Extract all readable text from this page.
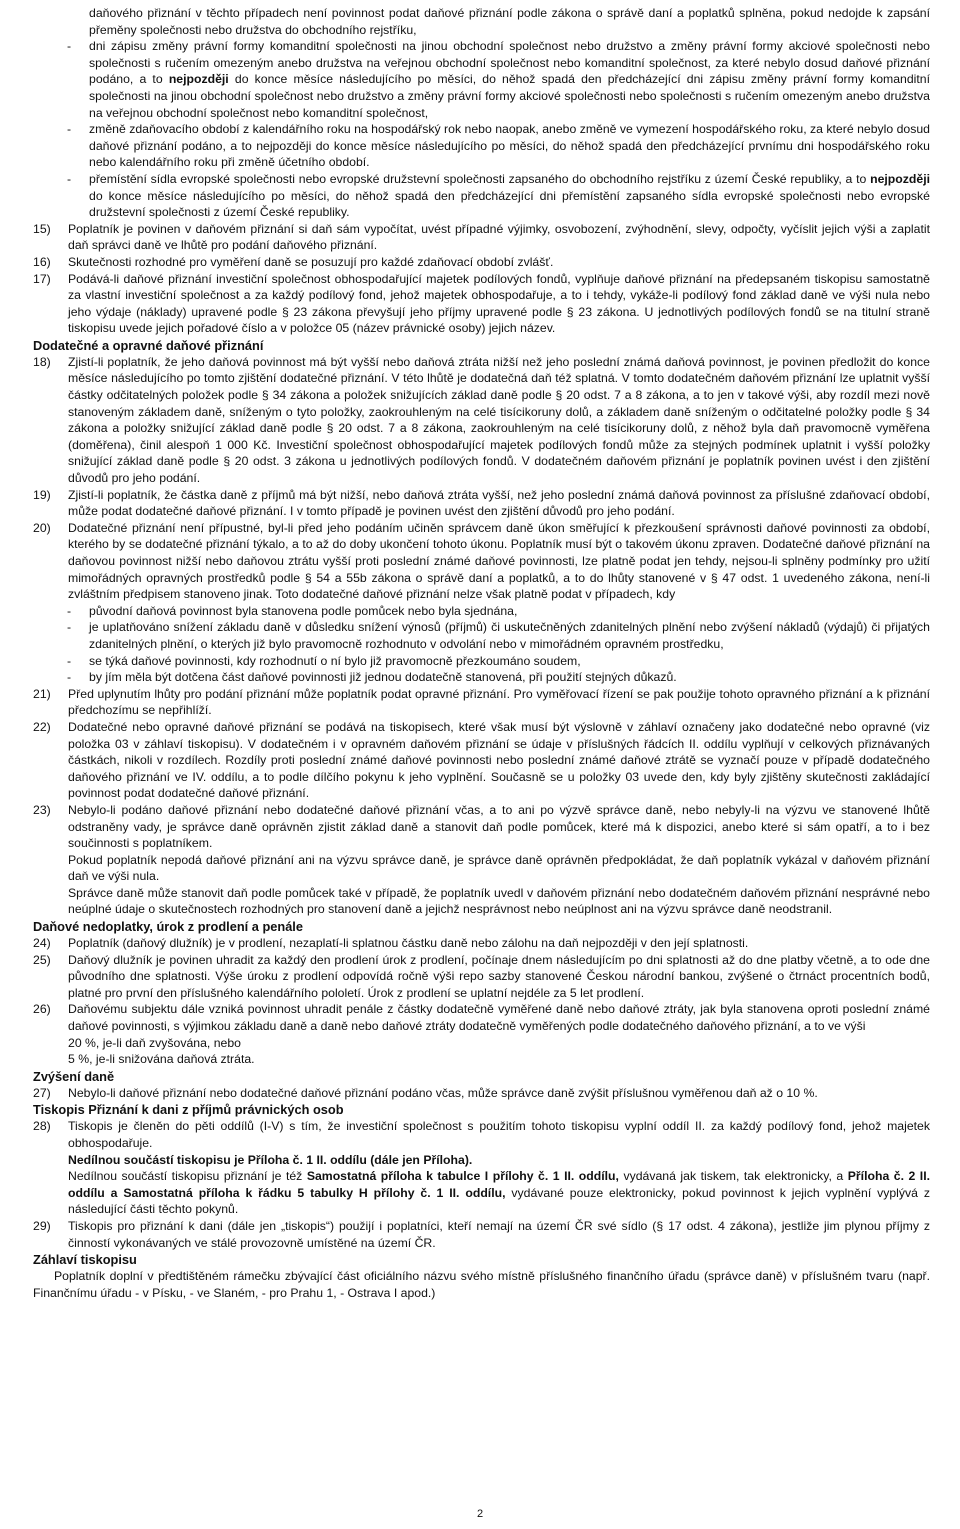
daňového přiznání v těchto případech není povinnost podat daňové přiznání podle zákona o správě daní a poplatků splněna, pokud nedojde k zapsání přeměny společnosti nebo družstva do obchodního rejstříku,

- dni zápisu změny právní formy komanditní společnosti na jinou obchodní společnost nebo družstvo a změny právní formy akciové společnosti nebo společnosti s ručením omezeným anebo družstva na veřejnou obchodní společnost nebo komanditní společnost, za které nebylo dosud daňové přiznání podáno, a to nejpozději do konce měsíce následujícího po měsíci, do něhož spadá den předcházející dni zápisu změny právní formy komanditní společnosti na jinou obchodní společnost nebo družstvo a změny právní formy akciové společnosti nebo společnosti s ručením omezeným anebo družstva na veřejnou obchodní společnost nebo komanditní společnost,

- změně zdaňovacího období z kalendářního roku na hospodářský rok nebo naopak, anebo změně ve vymezení hospodářského roku, za které nebylo dosud daňové přiznání podáno, a to nejpozději do konce měsíce následujícího po měsíci, do něhož spadá den předcházející prvnímu dni hospodářského roku nebo kalendářního roku při změně účetního období.

- přemístění sídla evropské společnosti nebo evropské družstevní společnosti zapsaného do obchodního rejstříku z území České republiky, a to nejpozději do konce měsíce následujícího po měsíci, do něhož spadá den předcházející dni přemístění zapsaného sídla evropské společnosti nebo evropské družstevní společnosti z území České republiky.

15) Poplatník je povinen v daňovém přiznání si daň sám vypočítat, uvést případné výjimky, osvobození, zvýhodnění, slevy, odpočty, vyčíslit jejich výši a zaplatit daň správci daně ve lhůtě pro podání daňového přiznání.

16) Skutečnosti rozhodné pro vyměření daně se posuzují pro každé zdaňovací období zvlášť.

17) Podává-li daňové přiznání investiční společnost obhospodařující majetek podílových fondů, vyplňuje daňové přiznání na předepsaném tiskopisu samostatně za vlastní investiční společnost a za každý podílový fond, jehož majetek obhospodařuje, a to i tehdy, vykáže-li podílový fond základ daně ve výši nula nebo jeho výdaje (náklady) upravené podle § 23 zákona převyšují jeho příjmy upravené podle § 23 zákona. U jednotlivých podílových fondů se na titulní straně tiskopisu uvede jejich pořadové číslo a v položce 05 (název právnické osoby) jejich název.

Dodatečné a opravné daňové přiznání

18) Zjistí-li poplatník, že jeho daňová povinnost má být vyšší nebo daňová ztráta nižší než jeho poslední známá daňová povinnost, je povinen předložit do konce měsíce následujícího po tomto zjištění dodatečné přiznání. V této lhůtě je dodatečná daň též splatná. V tomto dodatečném daňovém přiznání lze uplatnit vyšší částky odčitatelných položek podle § 34 zákona a položek snižujících základ daně podle § 20 odst. 7 a 8 zákona, a to jen v takové výši, aby rozdíl mezi nově stanoveným základem daně, sníženým o tyto položky, zaokrouhleným na celé tisícikoruny dolů, a základem daně sníženým o odčitatelné položky podle § 34 zákona a položky snižující základ daně podle § 20 odst. 7 a 8 zákona, zaokrouhleným na celé tisícikoruny dolů, z něhož byla daň pravomocně vyměřena (doměřena), činil alespoň 1 000 Kč. Investiční společnost obhospodařující majetek podílových fondů může za stejných podmínek uplatnit i vyšší položky snižující základ daně podle § 20 odst. 3 zákona u jednotlivých podílových fondů. V dodatečném daňovém přiznání je poplatník povinen uvést i den zjištění důvodů pro jeho podání.

19) Zjistí-li poplatník, že částka daně z příjmů má být nižší, nebo daňová ztráta vyšší, než jeho poslední známá daňová povinnost za příslušné zdaňovací období, může podat dodatečné daňové přiznání. I v tomto případě je povinen uvést den zjištění důvodů pro jeho podání.

20) Dodatečné přiznání není přípustné, byl-li před jeho podáním učiněn správcem daně úkon směřující k přezkoušení správnosti daňové povinnosti za období, kterého by se dodatečné přiznání týkalo, a to až do doby ukončení tohoto úkonu. Poplatník musí být o takovém úkonu zpraven. Dodatečné daňové přiznání na daňovou povinnost nižší nebo daňovou ztrátu vyšší proti poslední známé daňové povinnosti, lze platně podat jen tehdy, nejsou-li splněny podmínky pro užití mimořádných opravných prostředků podle § 54 a 55b zákona o správě daní a poplatků, a to do lhůty stanovené v § 47 odst. 1 uvedeného zákona, není-li zvláštním předpisem stanoveno jinak. Toto dodatečné daňové přiznání nelze však platně podat v případech, kdy

- původní daňová povinnost byla stanovena podle pomůcek nebo byla sjednána,

- je uplatňováno snížení základu daně v důsledku snížení výnosů (příjmů) či uskutečněných zdanitelných plnění nebo zvýšení nákladů (výdajů) či přijatých zdanitelných plnění, o kterých již bylo pravomocně rozhodnuto v odvolání nebo v mimořádném opravném prostředku,

- se týká daňové povinnosti, kdy rozhodnutí o ní bylo již pravomocně přezkoumáno soudem,

- by jím měla být dotčena část daňové povinnosti již jednou dodatečně stanovená, při použití stejných důkazů.

21) Před uplynutím lhůty pro podání přiznání může poplatník podat opravné přiznání. Pro vyměřovací řízení se pak použije tohoto opravného přiznání a k přiznání předchozímu se nepřihlíží.

22) Dodatečné nebo opravné daňové přiznání se podává na tiskopisech, které však musí být výslovně v záhlaví označeny jako dodatečné nebo opravné (viz položka 03 v záhlaví tiskopisu). V dodatečném i v opravném daňovém přiznání se údaje v příslušných řádcích II. oddílu vyplňují v celkových přiznávaných částkách, nikoli v rozdílech. Rozdíly proti poslední známé daňové povinnosti nebo poslední známé daňové ztrátě se vyznačí pouze v případě dodatečného daňového přiznání ve IV. oddílu, a to podle dílčího pokynu k jeho vyplnění. Současně se u položky 03 uvede den, kdy byly zjištěny skutečnosti zakládající povinnost podat dodatečné daňové přiznání.

23) Nebylo-li podáno daňové přiznání nebo dodatečné daňové přiznání včas, a to ani po výzvě správce daně, nebo nebyly-li na výzvu ve stanovené lhůtě odstraněny vady, je správce daně oprávněn zjistit základ daně a stanovit daň podle pomůcek, které má k dispozici, anebo které si sám opatří, a to i bez součinnosti s poplatníkem.

Pokud poplatník nepodá daňové přiznání ani na výzvu správce daně, je správce daně oprávněn předpokládat, že daň poplatník vykázal v daňovém přiznání daň ve výši nula.

Správce daně může stanovit daň podle pomůcek také v případě, že poplatník uvedl v daňovém přiznání nebo dodatečném daňovém přiznání nesprávné nebo neúplné údaje o skutečnostech rozhodných pro stanovení daně a jejichž nesprávnost nebo neúplnost ani na výzvu správce daně neodstranil.

Daňové nedoplatky, úrok z prodlení a penále

24) Poplatník (daňový dlužník) je v prodlení, nezaplatí-li splatnou částku daně nebo zálohu na daň nejpozději v den její splatnosti.

25) Daňový dlužník je povinen uhradit za každý den prodlení úrok z prodlení, počínaje dnem následujícím po dni splatnosti až do dne platby včetně, a to ode dne původního dne splatnosti. Výše úroku z prodlení odpovídá ročně výši repo sazby stanovené Českou národní bankou, zvýšené o čtrnáct procentních bodů, platné pro první den příslušného kalendářního pololetí. Úrok z prodlení se uplatní nejdéle za 5 let prodlení.

26) Daňovému subjektu dále vzniká povinnost uhradit penále z částky dodatečně vyměřené daně nebo daňové ztráty, jak byla stanovena oproti poslední známé daňové povinnosti, s výjimkou základu daně a daně nebo daňové ztráty dodatečně vyměřených podle dodatečného daňového přiznání, a to ve výši

20 %, je-li daň zvyšována, nebo

5 %, je-li snižována daňová ztráta.

Zvýšení daně

27) Nebylo-li daňové přiznání nebo dodatečné daňové přiznání podáno včas, může správce daně zvýšit příslušnou vyměřenou daň až o 10 %.

Tiskopis Přiznání k dani z příjmů právnických osob

28) Tiskopis je členěn do pěti oddílů (I-V) s tím, že investiční společnost s použitím tohoto tiskopisu vyplní oddíl II. za každý podílový fond, jehož majetek obhospodařuje.

Nedílnou součástí tiskopisu je Příloha č. 1 II. oddílu (dále jen Příloha).

Nedílnou součástí tiskopisu přiznání je též Samostatná příloha k tabulce I přílohy č. 1 II. oddílu, vydávaná jak tiskem, tak elektronicky, a Příloha č. 2 II. oddílu a Samostatná příloha k řádku 5 tabulky H přílohy č. 1 II. oddílu, vydávané pouze elektronicky, pokud povinnost k jejich vyplnění vyplývá z následující části těchto pokynů.

29) Tiskopis pro přiznání k dani (dále jen „tiskopis“) použijí i poplatníci, kteří nemají na území ČR své sídlo (§ 17 odst. 4 zákona), jestliže jim plynou příjmy z činností vykonávaných ve stálé provozovně umístěné na území ČR.

Záhlaví tiskopisu

Poplatník doplní v předtištěném rámečku zbývající část oficiálního názvu svého místně příslušného finančního úřadu (správce daně) v příslušném tvaru (např. Finančnímu úřadu - v Písku, - ve Slaném, - pro Prahu 1, - Ostrava I apod.)

2
